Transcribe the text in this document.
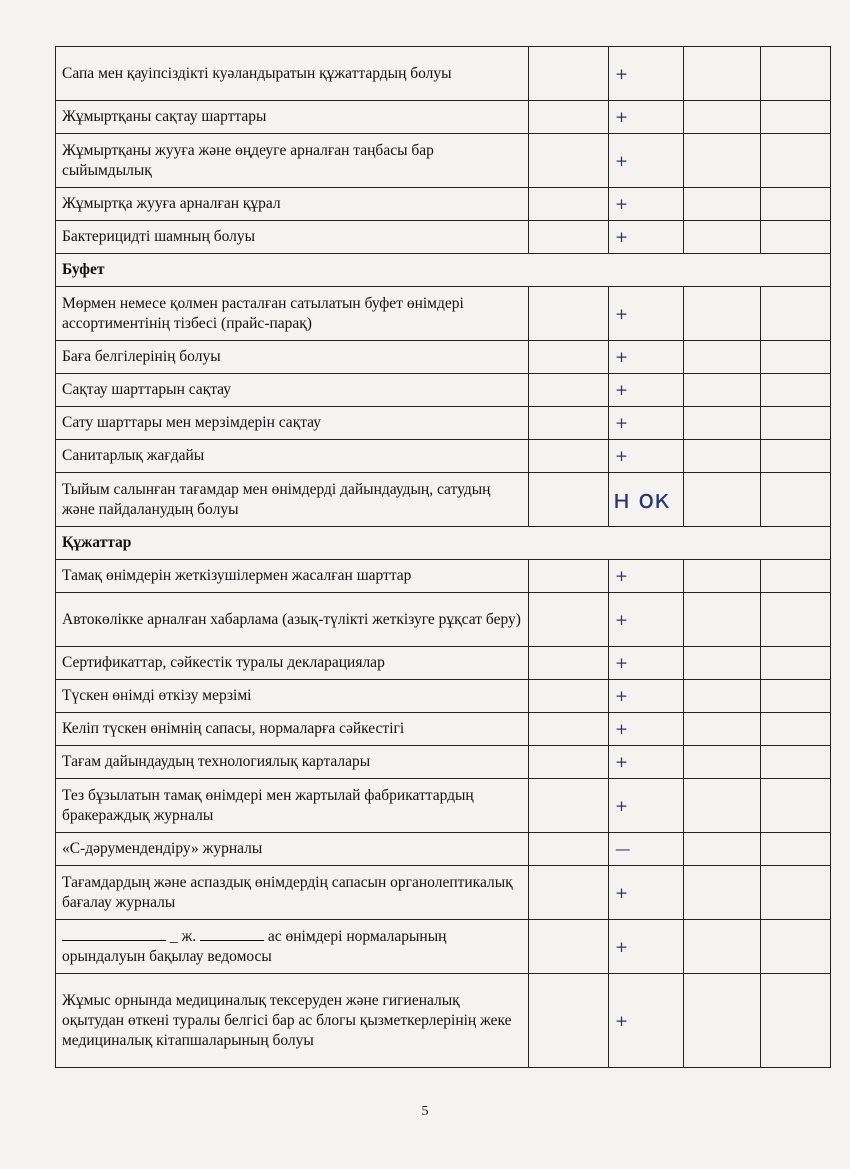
Сапа мен қауіпсіздікті куәландыратын құжаттардың болуы		+		
Жұмыртқаны сақтау шарттары		+		
Жұмыртқаны жууға және өңдеуге арналған таңбасы бар сыйымдылық		+		
Жұмыртқа жууға арналған құрал		+		
Бактерицидті шамның болуы		+		
Буфет				
Мөрмен немесе қолмен расталған сатылатын буфет өнімдері ассортиментінің тізбесі (прайс-парақ)		+		
Баға белгілерінің болуы		+		
Сақтау шарттарын сақтау		+		
Сату шарттары мен мерзімдерін сақтау		+		
Санитарлық жағдайы		+		
Тыйым салынған тағамдар мен өнімдерді дайындаудың, сатудың және пайдаланудың болуы		н ок		
Құжаттар				
Тамақ өнімдерін жеткізушілермен жасалған шарттар		+		
Автокөлікке арналған хабарлама (азық-түлікті жеткізуге рұқсат беру)		+		
Сертификаттар, сәйкестік туралы декларациялар		+		
Түскен өнімді өткізу мерзімі		+		
Келіп түскен өнімнің сапасы, нормаларға сәйкестігі		+		
Тағам дайындаудың технологиялық карталары		+		
Тез бұзылатын тамақ өнімдері мен жартылай фабрикаттардың бракераждық журналы		+		
«С-дәрумендендіру» журналы		—		
Тағамдардың және аспаздық өнімдердің сапасын органолептикалық бағалау журналы		+		
_ ж. ас өнімдері нормаларының орындалуын бақылау ведомосы		+		
Жұмыс орнында медициналық тексеруден және гигиеналық оқытудан өткені туралы белгісі бар ас блогы қызметкерлерінің жеке медициналық кітапшаларының болуы		+		
5
